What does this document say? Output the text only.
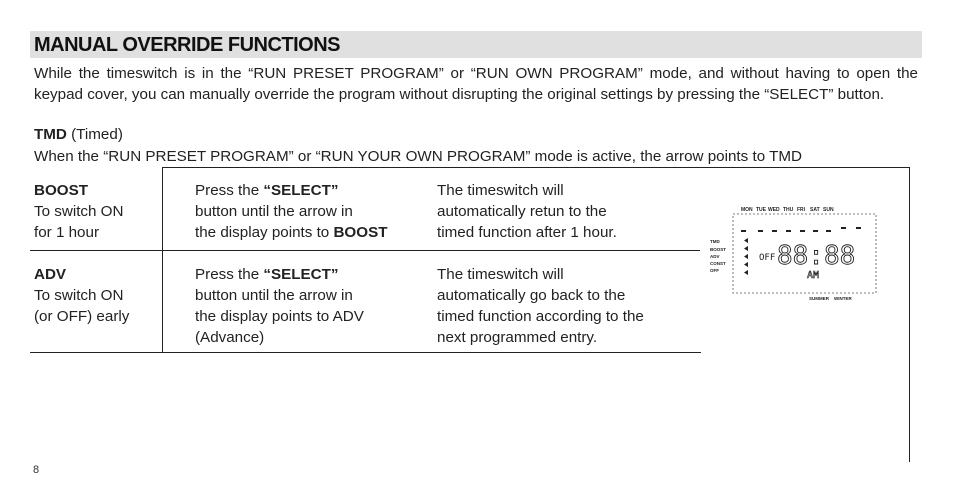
MANUAL OVERRIDE FUNCTIONS
While the timeswitch is in the “RUN PRESET PROGRAM” or “RUN OWN PROGRAM” mode, and without having to open the keypad cover, you can manually override the program without disrupting the original settings by pressing the “SELECT” button.
TMD (Timed)
When the “RUN PRESET PROGRAM” or “RUN YOUR OWN PROGRAM” mode is active, the arrow points to TMD
BOOST
To switch ON
for 1 hour
Press the “SELECT”
button until the arrow in
the display points to BOOST
The timeswitch will
automatically retun to the
timed function after 1 hour.
ADV
To switch ON
(or OFF) early
Press the “SELECT”
button until the arrow in
the display points to ADV
(Advance)
The timeswitch will
automatically go back to the
timed function according to the
next programmed entry.
MON TUE WED THU FRI SAT SUN
TMD
BOOST
ADV
CONST
OFF
OFF 88:88
AM
SUMMER WINTER
8
